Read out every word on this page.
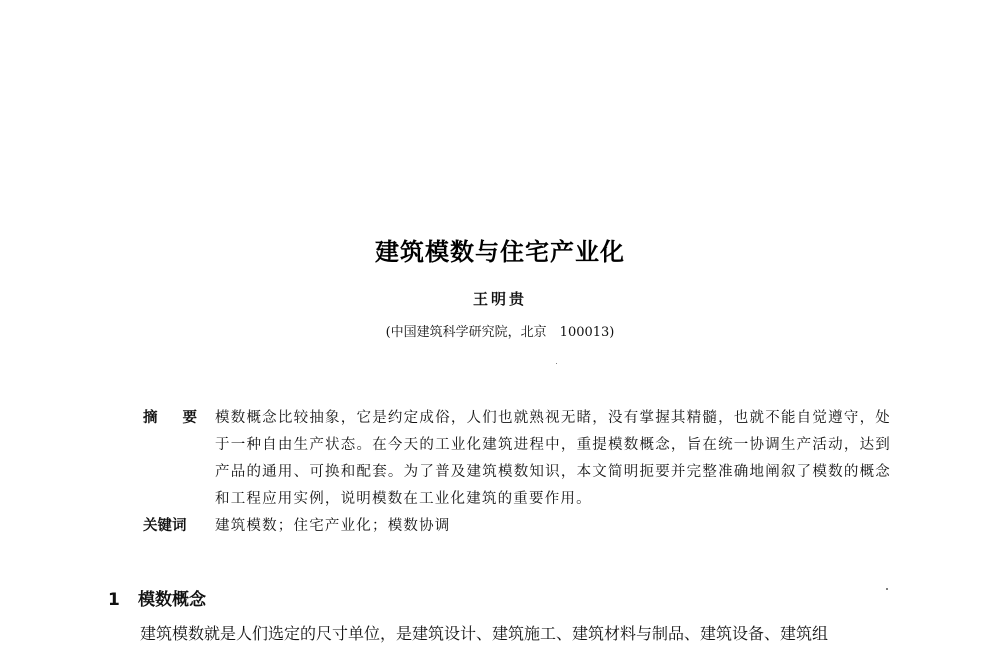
建筑模数与住宅产业化
王明贵
(中国建筑科学研究院，北京　100013)
摘 要 模数概念比较抽象，它是约定成俗，人们也就熟视无睹，没有掌握其精髓，也就不能自觉遵守，处于一种自由生产状态。在今天的工业化建筑进程中，重提模数概念，旨在统一协调生产活动，达到产品的通用、可换和配套。为了普及建筑模数知识，本文简明扼要并完整准确地阐叙了模数的概念和工程应用实例，说明模数在工业化建筑的重要作用。
关键词	建筑模数；住宅产业化；模数协调
1 模数概念
建筑模数就是人们选定的尺寸单位，是建筑设计、建筑施工、建筑材料与制品、建筑设备、建筑组
